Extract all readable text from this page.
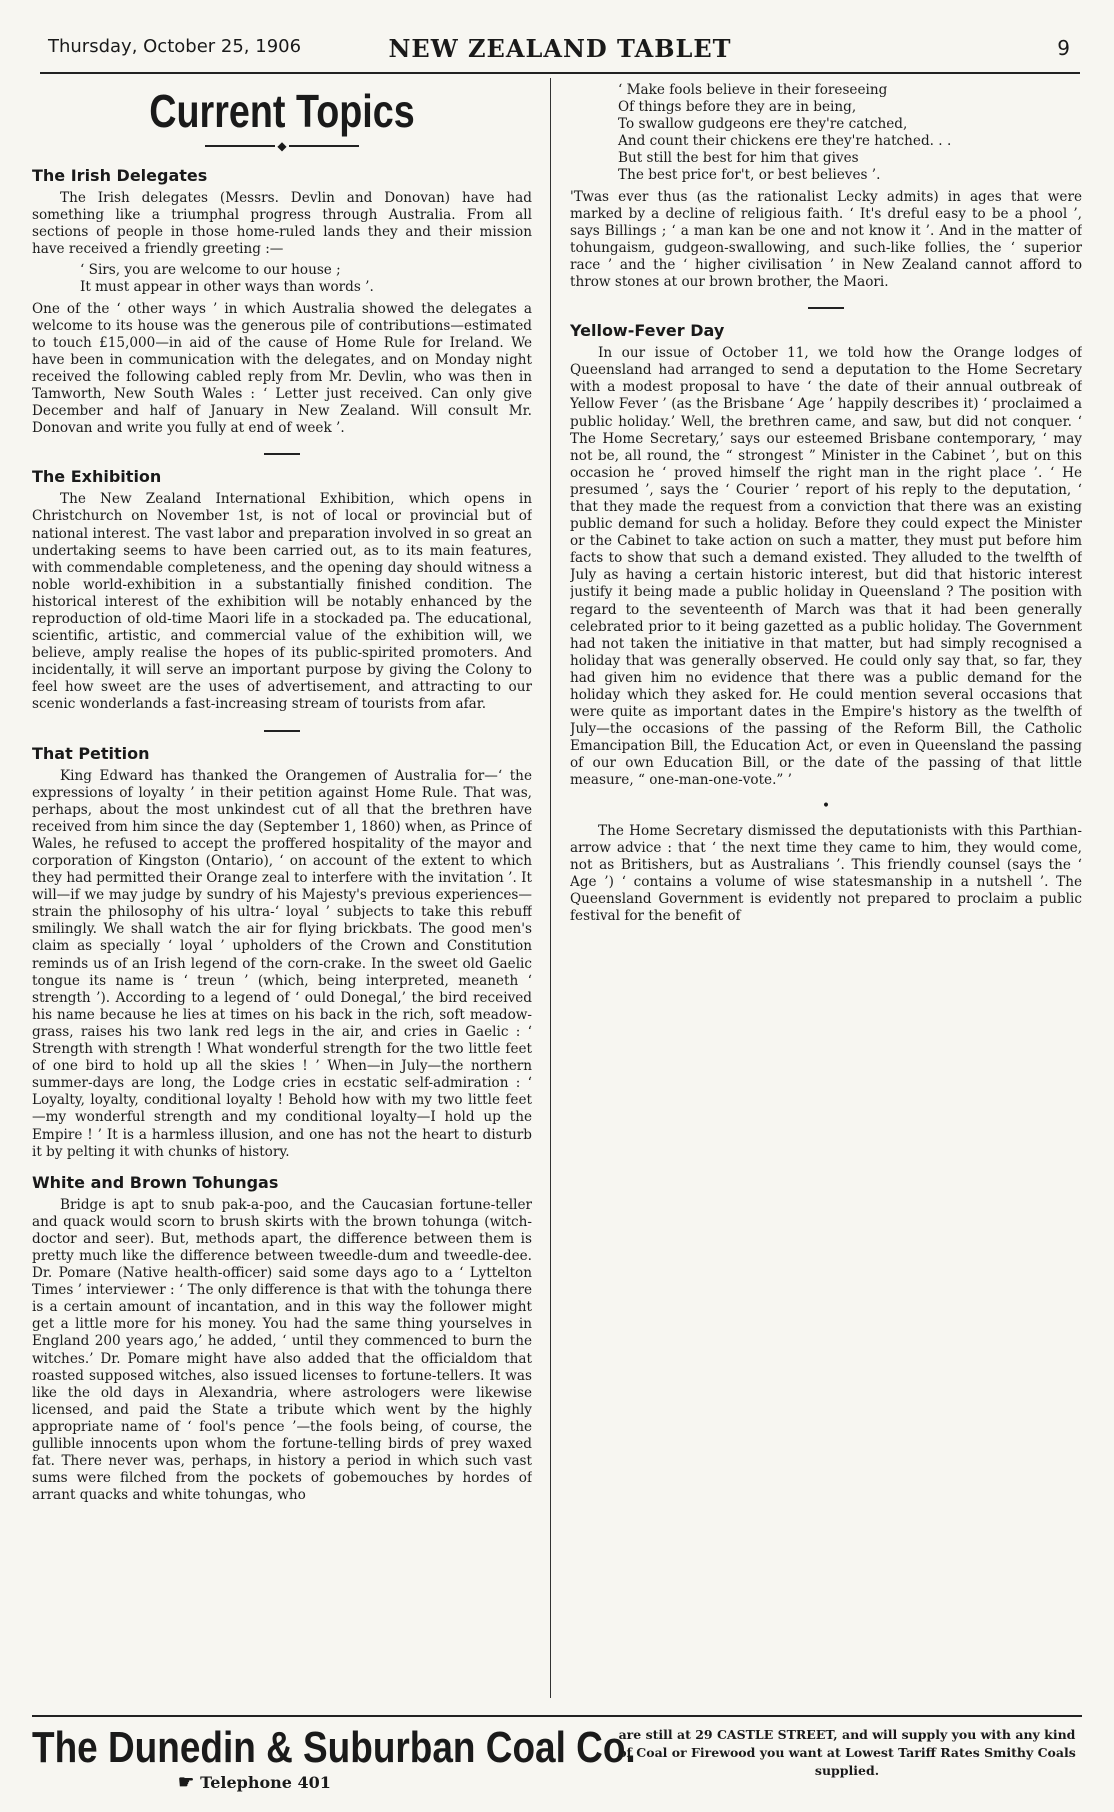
Thursday, October 25, 1906	NEW ZEALAND TABLET	9
Current Topics
◆
The Irish Delegates

The Irish delegates (Messrs. Devlin and Donovan) have had something like a triumphal progress through Australia. From all sections of people in those home-ruled lands they and their mission have received a friendly greeting :—

‘ Sirs, you are welcome to our house ;
It must appear in other ways than words ’.

One of the ‘ other ways ’ in which Australia showed the delegates a welcome to its house was the generous pile of contributions—estimated to touch £15,000—in aid of the cause of Home Rule for Ireland. We have been in communication with the delegates, and on Monday night received the following cabled reply from Mr. Devlin, who was then in Tamworth, New South Wales : ‘ Letter just received. Can only give December and half of January in New Zealand. Will consult Mr. Donovan and write you fully at end of week ’.

The Exhibition

The New Zealand International Exhibition, which opens in Christchurch on November 1st, is not of local or provincial but of national interest. The vast labor and preparation involved in so great an undertaking seems to have been carried out, as to its main features, with commendable completeness, and the opening day should witness a noble world-exhibition in a substantially finished condition. The historical interest of the exhibition will be notably enhanced by the reproduction of old-time Maori life in a stockaded pa. The educational, scientific, artistic, and commercial value of the exhibition will, we believe, amply realise the hopes of its public-spirited promoters. And incidentally, it will serve an important purpose by giving the Colony to feel how sweet are the uses of advertisement, and attracting to our scenic wonderlands a fast-increasing stream of tourists from afar.

That Petition

King Edward has thanked the Orangemen of Australia for—‘ the expressions of loyalty ’ in their petition against Home Rule. That was, perhaps, about the most unkindest cut of all that the brethren have received from him since the day (September 1, 1860) when, as Prince of Wales, he refused to accept the proffered hospitality of the mayor and corporation of Kingston (Ontario), ‘ on account of the extent to which they had permitted their Orange zeal to interfere with the invitation ’. It will—if we may judge by sundry of his Majesty's previous experiences—strain the philosophy of his ultra-‘ loyal ’ subjects to take this rebuff smilingly. We shall watch the air for flying brickbats. The good men's claim as specially ‘ loyal ’ upholders of the Crown and Constitution reminds us of an Irish legend of the corn-crake. In the sweet old Gaelic tongue its name is ‘ treun ’ (which, being interpreted, meaneth ‘ strength ’). According to a legend of ‘ ould Donegal,’ the bird received his name because he lies at times on his back in the rich, soft meadow-grass, raises his two lank red legs in the air, and cries in Gaelic : ‘ Strength with strength ! What wonderful strength for the two little feet of one bird to hold up all the skies ! ’ When—in July—the northern summer-days are long, the Lodge cries in ecstatic self-admiration : ‘ Loyalty, loyalty, conditional loyalty ! Behold how with my two little feet—my wonderful strength and my conditional loyalty—I hold up the Empire ! ’ It is a harmless illusion, and one has not the heart to disturb it by pelting it with chunks of history.

White and Brown Tohungas

Bridge is apt to snub pak-a-poo, and the Caucasian fortune-teller and quack would scorn to brush skirts with the brown tohunga (witch-doctor and seer). But, methods apart, the difference between them is pretty much like the difference between tweedle-dum and tweedle-dee. Dr. Pomare (Native health-officer) said some days ago to a ‘ Lyttelton Times ’ interviewer : ‘ The only difference is that with the tohunga there is a certain amount of incantation, and in this way the follower might get a little more for his money. You had the same thing yourselves in England 200 years ago,’ he added, ‘ until they commenced to burn the witches.’ Dr. Pomare might have also added that the officialdom that roasted supposed witches, also issued licenses to fortune-tellers. It was like the old days in Alexandria, where astrologers were likewise licensed, and paid the State a tribute which went by the highly appropriate name of ‘ fool's pence ’—the fools being, of course, the gullible innocents upon whom the fortune-telling birds of prey waxed fat. There never was, perhaps, in history a period in which such vast sums were filched from the pockets of gobemouches by hordes of arrant quacks and white tohungas, who

‘ Make fools believe in their foreseeing
Of things before they are in being,
To swallow gudgeons ere they're catched,
And count their chickens ere they're hatched. . .
But still the best for him that gives
The best price for't, or best believes ’.

'Twas ever thus (as the rationalist Lecky admits) in ages that were marked by a decline of religious faith. ‘ It's dreful easy to be a phool ’, says Billings ; ‘ a man kan be one and not know it ’. And in the matter of tohungaism, gudgeon-swallowing, and such-like follies, the ‘ superior race ’ and the ‘ higher civilisation ’ in New Zealand cannot afford to throw stones at our brown brother, the Maori.

Yellow-Fever Day

In our issue of October 11, we told how the Orange lodges of Queensland had arranged to send a deputation to the Home Secretary with a modest proposal to have ‘ the date of their annual outbreak of Yellow Fever ’ (as the Brisbane ‘ Age ’ happily describes it) ‘ proclaimed a public holiday.’ Well, the brethren came, and saw, but did not conquer. ‘ The Home Secretary,’ says our esteemed Brisbane contemporary, ‘ may not be, all round, the “ strongest ” Minister in the Cabinet ’, but on this occasion he ‘ proved himself the right man in the right place ’. ‘ He presumed ’, says the ‘ Courier ’ report of his reply to the deputation, ‘ that they made the request from a conviction that there was an existing public demand for such a holiday. Before they could expect the Minister or the Cabinet to take action on such a matter, they must put before him facts to show that such a demand existed. They alluded to the twelfth of July as having a certain historic interest, but did that historic interest justify it being made a public holiday in Queensland ? The position with regard to the seventeenth of March was that it had been generally celebrated prior to it being gazetted as a public holiday. The Government had not taken the initiative in that matter, but had simply recognised a holiday that was generally observed. He could only say that, so far, they had given him no evidence that there was a public demand for the holiday which they asked for. He could mention several occasions that were quite as important dates in the Empire's history as the twelfth of July—the occasions of the passing of the Reform Bill, the Catholic Emancipation Bill, the Education Act, or even in Queensland the passing of our own Education Bill, or the date of the passing of that little measure, “ one-man-one-vote.” ’

•

The Home Secretary dismissed the deputationists with this Parthian-arrow advice : that ‘ the next time they came to him, they would come, not as Britishers, but as Australians ’. This friendly counsel (says the ‘ Age ’) ‘ contains a volume of wise statesmanship in a nutshell ’. The Queensland Government is evidently not prepared to proclaim a public festival for the benefit of

The Dunedin & Suburban Coal Co.
☛ Telephone 401
are still at 29 CASTLE STREET, and will supply you with any kind of Coal or Firewood you want at Lowest Tariff Rates Smithy Coals supplied.
